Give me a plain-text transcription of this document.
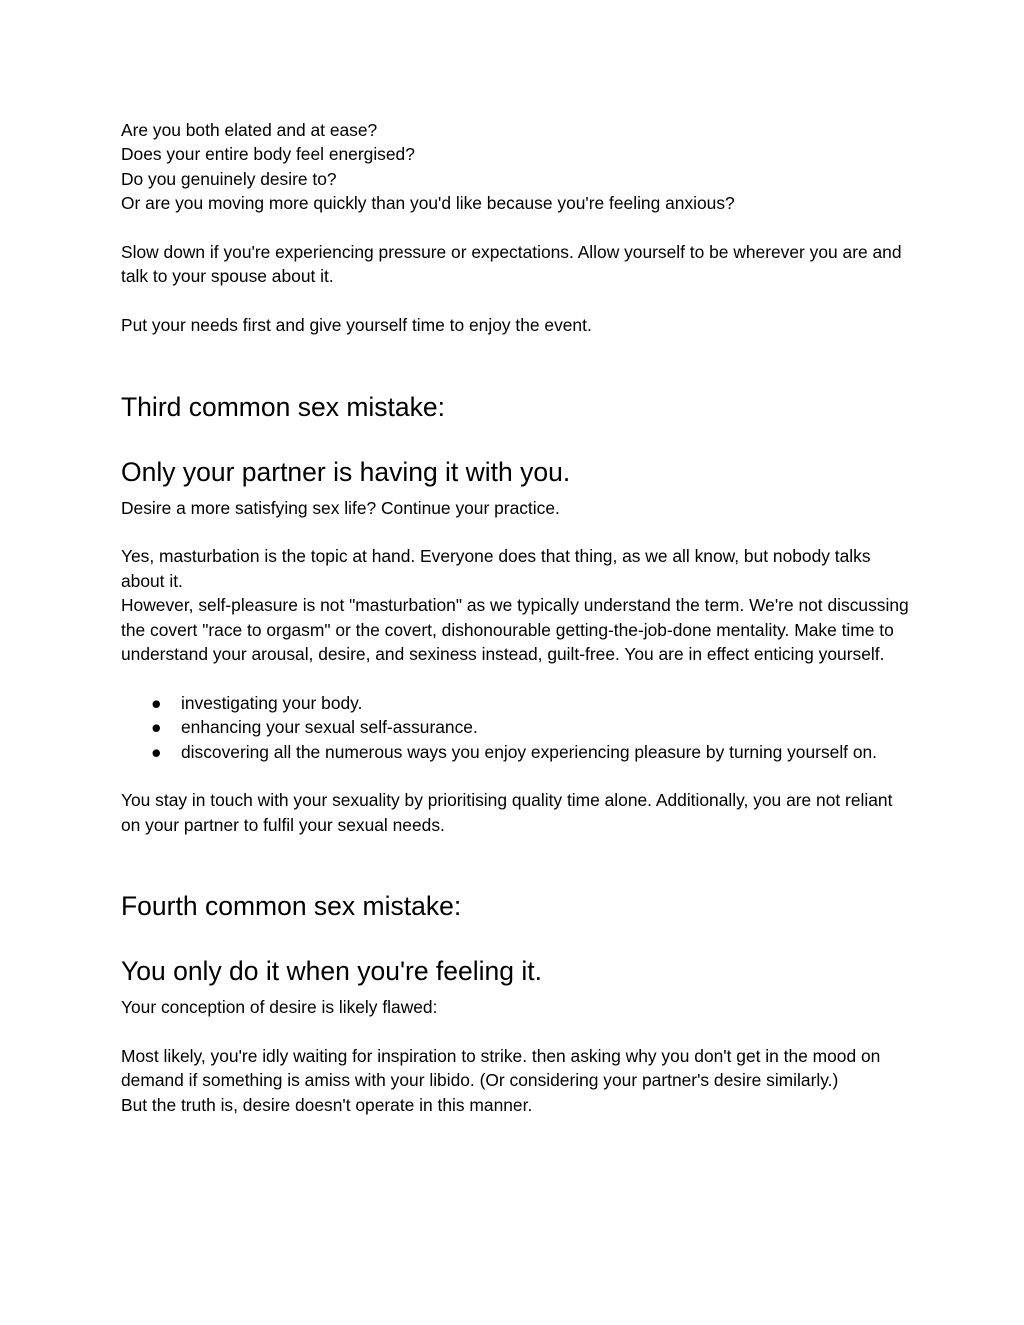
Are you both elated and at ease?

Does your entire body feel energised?

Do you genuinely desire to?

Or are you moving more quickly than you'd like because you're feeling anxious?

Slow down if you're experiencing pressure or expectations. Allow yourself to be wherever you are and talk to your spouse about it.

Put your needs first and give yourself time to enjoy the event.

Third common sex mistake:
Only your partner is having it with you.

Desire a more satisfying sex life? Continue your practice.

Yes, masturbation is the topic at hand. Everyone does that thing, as we all know, but nobody talks about it.

However, self-pleasure is not "masturbation" as we typically understand the term. We're not discussing the covert "race to orgasm" or the covert, dishonourable getting-the-job-done mentality. Make time to understand your arousal, desire, and sexiness instead, guilt-free. You are in effect enticing yourself.

● investigating your body.
● enhancing your sexual self-assurance.
● discovering all the numerous ways you enjoy experiencing pleasure by turning yourself on.

You stay in touch with your sexuality by prioritising quality time alone. Additionally, you are not reliant on your partner to fulfil your sexual needs.

Fourth common sex mistake:
You only do it when you're feeling it.

Your conception of desire is likely flawed:

Most likely, you're idly waiting for inspiration to strike. then asking why you don't get in the mood on demand if something is amiss with your libido. (Or considering your partner's desire similarly.)

But the truth is, desire doesn't operate in this manner.
